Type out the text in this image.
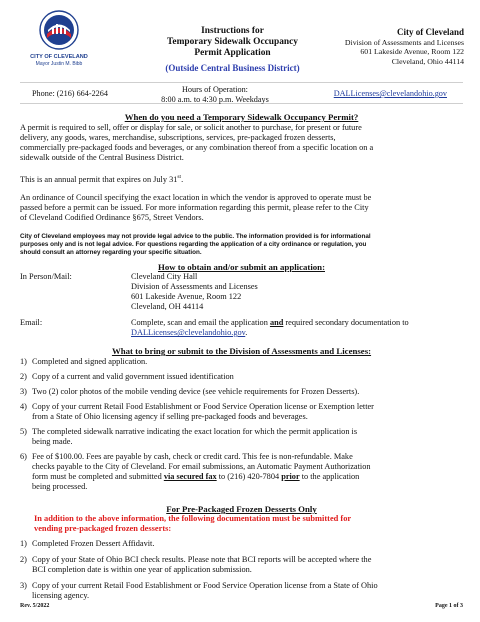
CITY OF CLEVELAND
Mayor Justin M. Bibb
Instructions for
Temporary Sidewalk Occupancy
Permit Application
(Outside Central Business District)
City of Cleveland
Division of Assessments and Licenses
601 Lakeside Avenue, Room 122
Cleveland, Ohio 44114
Phone: (216) 664-2264	Hours of Operation:
8:00 a.m. to 4:30 p.m. Weekdays
DALLicenses@clevelandohio.gov
When do you need a Temporary Sidewalk Occupancy Permit?
A permit is required to sell, offer or display for sale, or solicit another to purchase, for present or future
delivery, any goods, wares, merchandise, subscriptions, services, pre-packaged frozen desserts,
commercially pre-packaged foods and beverages, or any combination thereof from a specific location on a
sidewalk outside of the Central Business District.
This is an annual permit that expires on July 31st.
An ordinance of Council specifying the exact location in which the vendor is approved to operate must be
passed before a permit can be issued. For more information regarding this permit, please refer to the City
of Cleveland Codified Ordinance §675, Street Vendors.
City of Cleveland employees may not provide legal advice to the public. The information provided is for informational
purposes only and is not legal advice. For questions regarding the application of a city ordinance or regulation, you
should consult an attorney regarding your specific situation.
How to obtain and/or submit an application:
In Person/Mail:	Cleveland City Hall
Division of Assessments and Licenses
601 Lakeside Avenue, Room 122
Cleveland, OH 44114
Email:	Complete, scan and email the application and required secondary documentation to
DALLicenses@clevelandohio.gov.
What to bring or submit to the Division of Assessments and Licenses:
1) Completed and signed application.
2) Copy of a current and valid government issued identification
3) Two (2) color photos of the mobile vending device (see vehicle requirements for Frozen Desserts).
4) Copy of your current Retail Food Establishment or Food Service Operation license or Exemption letter
from a State of Ohio licensing agency if selling pre-packaged foods and beverages.
5) The completed sidewalk narrative indicating the exact location for which the permit application is
being made.
6) Fee of $100.00. Fees are payable by cash, check or credit card. This fee is non-refundable. Make
checks payable to the City of Cleveland. For email submissions, an Automatic Payment Authorization
form must be completed and submitted via secured fax to (216) 420-7804 prior to the application
being processed.
For Pre-Packaged Frozen Desserts Only
In addition to the above information, the following documentation must be submitted for
vending pre-packaged frozen desserts:
1) Completed Frozen Dessert Affidavit.
2) Copy of your State of Ohio BCI check results. Please note that BCI reports will be accepted where the
BCI completion date is within one year of application submission.
3) Copy of your current Retail Food Establishment or Food Service Operation license from a State of Ohio
licensing agency.
Rev. 5/2022	Page 1 of 3
